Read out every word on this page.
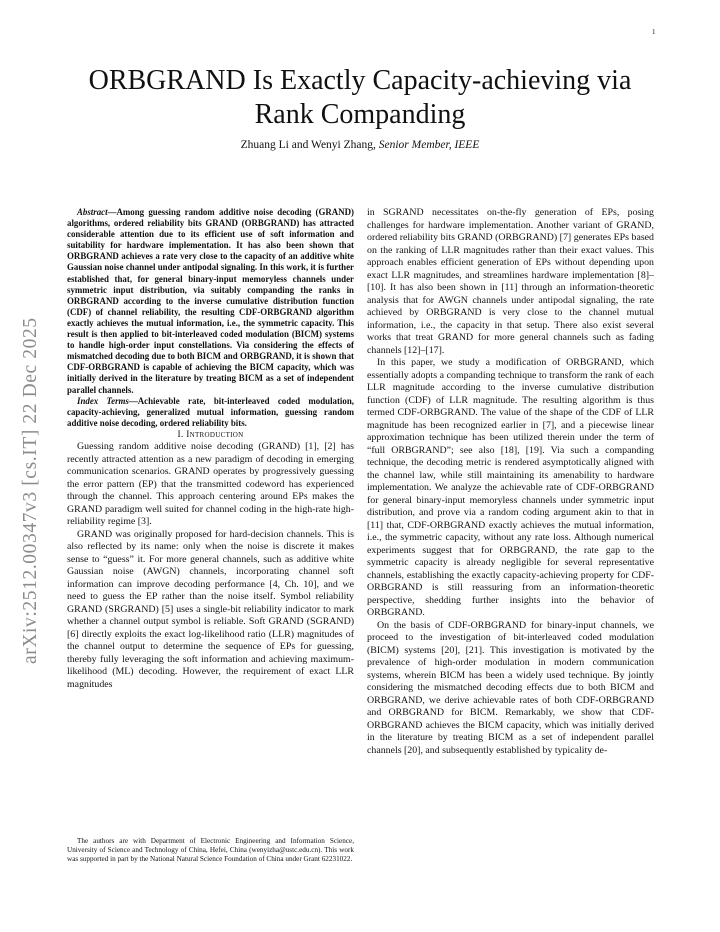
1
arXiv:2512.00347v3 [cs.IT] 22 Dec 2025
ORBGRAND Is Exactly Capacity-achieving via
Rank Companding
Zhuang Li and Wenyi Zhang, Senior Member, IEEE

Abstract—Among guessing random additive noise decoding (GRAND) algorithms, ordered reliability bits GRAND (ORBGRAND) has attracted considerable attention due to its efficient use of soft information and suitability for hardware implementation. It has also been shown that ORBGRAND achieves a rate very close to the capacity of an additive white Gaussian noise channel under antipodal signaling. In this work, it is further established that, for general binary-input memoryless channels under symmetric input distribution, via suitably companding the ranks in ORBGRAND according to the inverse cumulative distribution function (CDF) of channel reliability, the resulting CDF-ORBGRAND algorithm exactly achieves the mutual information, i.e., the symmetric capacity. This result is then applied to bit-interleaved coded modulation (BICM) systems to handle high-order input constellations. Via considering the effects of mismatched decoding due to both BICM and ORBGRAND, it is shown that CDF-ORBGRAND is capable of achieving the BICM capacity, which was initially derived in the literature by treating BICM as a set of independent parallel channels.

Index Terms—Achievable rate, bit-interleaved coded modulation, capacity-achieving, generalized mutual information, guessing random additive noise decoding, ordered reliability bits.

I. Introduction

Guessing random additive noise decoding (GRAND) [1], [2] has recently attracted attention as a new paradigm of decoding in emerging communication scenarios. GRAND operates by progressively guessing the error pattern (EP) that the transmitted codeword has experienced through the channel. This approach centering around EPs makes the GRAND paradigm well suited for channel coding in the high-rate high-reliability regime [3].

GRAND was originally proposed for hard-decision channels. This is also reflected by its name: only when the noise is discrete it makes sense to “guess” it. For more general channels, such as additive white Gaussian noise (AWGN) channels, incorporating channel soft information can improve decoding performance [4, Ch. 10], and we need to guess the EP rather than the noise itself. Symbol reliability GRAND (SRGRAND) [5] uses a single-bit reliability indicator to mark whether a channel output symbol is reliable. Soft GRAND (SGRAND) [6] directly exploits the exact log-likelihood ratio (LLR) magnitudes of the channel output to determine the sequence of EPs for guessing, thereby fully leveraging the soft information and achieving maximum-likelihood (ML) decoding. However, the requirement of exact LLR magnitudes

in SGRAND necessitates on-the-fly generation of EPs, posing challenges for hardware implementation. Another variant of GRAND, ordered reliability bits GRAND (ORBGRAND) [7] generates EPs based on the ranking of LLR magnitudes rather than their exact values. This approach enables efficient generation of EPs without depending upon exact LLR magnitudes, and streamlines hardware implementation [8]–[10]. It has also been shown in [11] through an information-theoretic analysis that for AWGN channels under antipodal signaling, the rate achieved by ORBGRAND is very close to the channel mutual information, i.e., the capacity in that setup. There also exist several works that treat GRAND for more general channels such as fading channels [12]–[17].

In this paper, we study a modification of ORBGRAND, which essentially adopts a companding technique to transform the rank of each LLR magnitude according to the inverse cumulative distribution function (CDF) of LLR magnitude. The resulting algorithm is thus termed CDF-ORBGRAND. The value of the shape of the CDF of LLR magnitude has been recognized earlier in [7], and a piecewise linear approximation technique has been utilized therein under the term of “full ORBGRAND”; see also [18], [19]. Via such a companding technique, the decoding metric is rendered asymptotically aligned with the channel law, while still maintaining its amenability to hardware implementation. We analyze the achievable rate of CDF-ORBGRAND for general binary-input memoryless channels under symmetric input distribution, and prove via a random coding argument akin to that in [11] that, CDF-ORBGRAND exactly achieves the mutual information, i.e., the symmetric capacity, without any rate loss. Although numerical experiments suggest that for ORBGRAND, the rate gap to the symmetric capacity is already negligible for several representative channels, establishing the exactly capacity-achieving property for CDF-ORBGRAND is still reassuring from an information-theoretic perspective, shedding further insights into the behavior of ORBGRAND.

On the basis of CDF-ORBGRAND for binary-input channels, we proceed to the investigation of bit-interleaved coded modulation (BICM) systems [20], [21]. This investigation is motivated by the prevalence of high-order modulation in modern communication systems, wherein BICM has been a widely used technique. By jointly considering the mismatched decoding effects due to both BICM and ORBGRAND, we derive achievable rates of both CDF-ORBGRAND and ORBGRAND for BICM. Remarkably, we show that CDF-ORBGRAND achieves the BICM capacity, which was initially derived in the literature by treating BICM as a set of independent parallel channels [20], and subsequently established by typicality de-

The authors are with Department of Electronic Engineering and Information Science, University of Science and Technology of China, Hefei, China (wenyizha@ustc.edu.cn). This work was supported in part by the National Natural Science Foundation of China under Grant 62231022.
